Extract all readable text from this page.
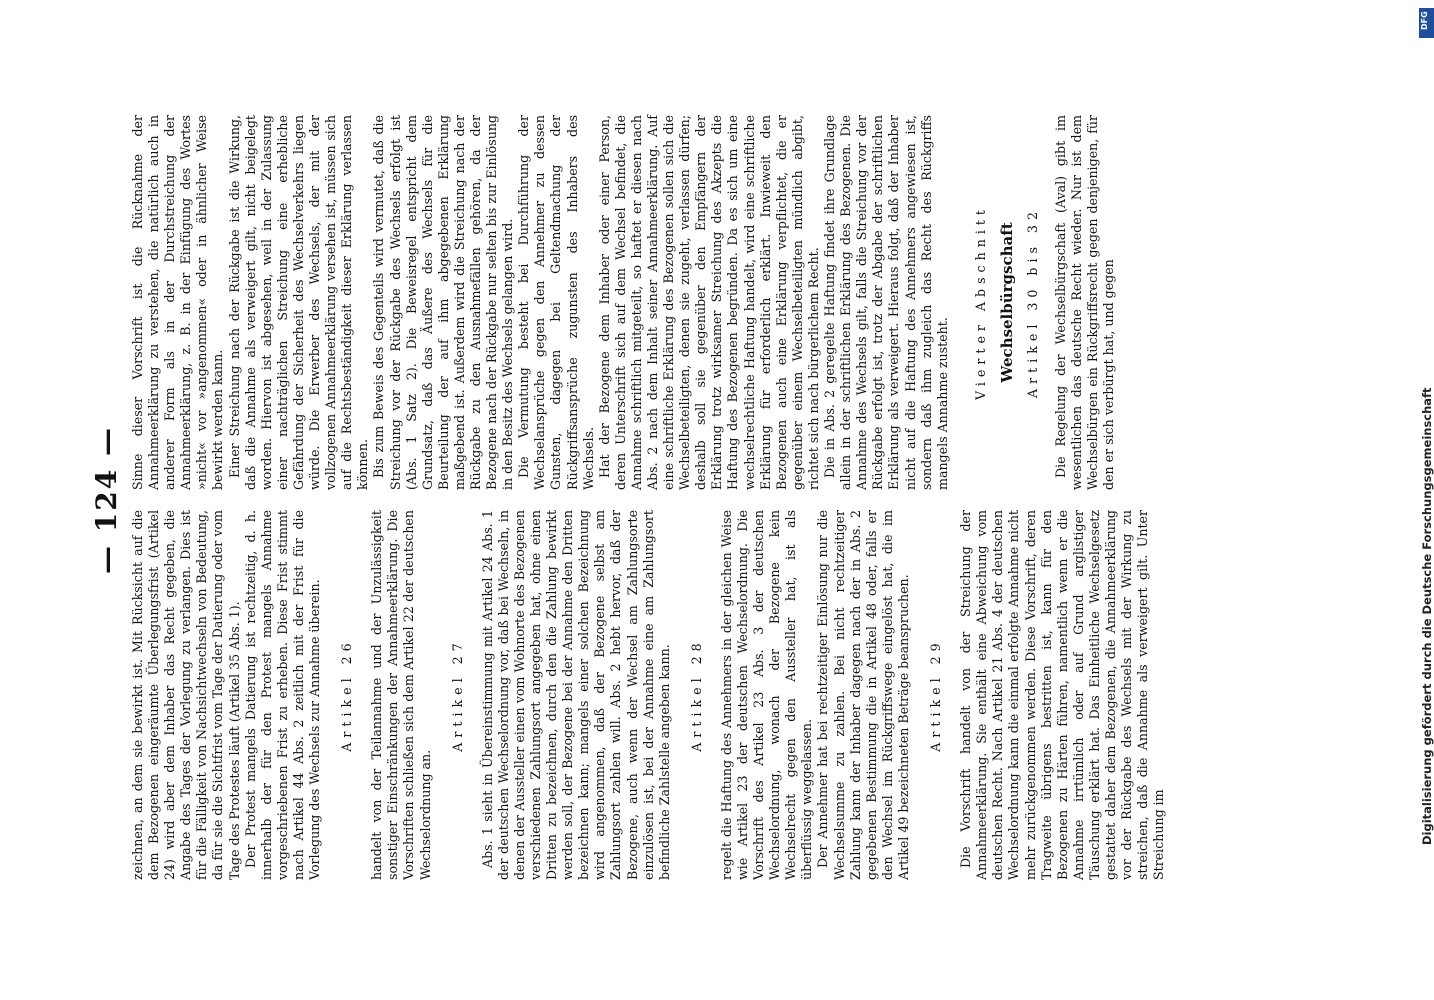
— 124 —

zeichnen, an dem sie bewirkt ist. Mit Rücksicht auf die dem Bezogenen eingeräumte Überlegungsfrist (Artikel 24) wird aber dem Inhaber das Recht gegeben, die Angabe des Tages der Vorlegung zu verlangen. Dies ist für die Fälligkeit von Nachsichtwechseln von Bedeutung, da für sie die Sichtfrist vom Tage der Datierung oder vom Tage des Protestes läuft (Artikel 35 Abs. 1). Der Protest mangels Datierung ist rechtzeitig, d. h. innerhalb der für den Protest mangels Annahme vorgeschriebenen Frist zu erheben. Diese Frist stimmt nach Artikel 44 Abs. 2 zeitlich mit der Frist für die Vorlegung des Wechsels zur Annahme überein. Artikel 26 handelt von der Teilannahme und der Unzulässigkeit sonstiger Einschränkungen der Annahmeerklärung. Die Vorschriften schließen sich dem Artikel 22 der deutschen Wechselordnung an.

Artikel 27 Abs. 1 sieht in Übereinstimmung mit Artikel 24 Abs. 1 der deutschen Wechselordnung vor, daß bei Wechseln, in denen der Aussteller einen vom Wohnorte des Bezogenen verschiedenen Zahlungsort angegeben hat, ohne einen Dritten zu bezeichnen, durch den die Zahlung bewirkt werden soll, der Bezogene bei der Annahme den Dritten bezeichnen kann; mangels einer solchen Bezeichnung wird angenommen, daß der Bezogene selbst am Zahlungsort zahlen will. Abs. 2 hebt hervor, daß der Bezogene, auch wenn der Wechsel am Zahlungsorte einzulösen ist, bei der Annahme eine am Zahlungsort befindliche Zahlstelle angeben kann. Artikel 28 regelt die Haftung des Annehmers in der gleichen Weise wie Artikel 23 der deutschen Wechselordnung. Die Vorschrift des Artikel 23 Abs. 3 der deutschen Wechselordnung, wonach der Bezogene kein Wechselrecht gegen den Aussteller hat, ist als überflüssig weggelassen. Der Annehmer hat bei rechtzeitiger Einlösung nur die Wechselsumme zu zahlen. Bei nicht rechtzeitiger Zahlung kann der Inhaber dagegen nach der in Abs. 2 gegebenen Bestimmung die in Artikel 48 oder, falls er den Wechsel im Rückgriffswege eingelöst hat, die im Artikel 49 bezeichneten Beträge beanspruchen. Artikel 29 Die Vorschrift handelt von der Streichung der Annahmeerklärung. Sie enthält eine Abweichung vom deutschen Recht. Nach Artikel 21 Abs. 4 der deutschen Wechselordnung kann die einmal erfolgte Annahme nicht mehr zurückgenommen werden. Diese Vorschrift, deren Tragweite übrigens bestritten ist, kann für den Bezogenen zu Härten führen, namentlich wenn er die Annahme irrtümlich oder auf Grund arglistiger Täuschung erklärt hat. Das Einheitliche Wechselgesetz gestattet daher dem Bezogenen, die Annahmeerklärung vor der Rückgabe des Wechsels mit der Wirkung zu streichen, daß die Annahme als verweigert gilt. Unter Streichung im

Sinne dieser Vorschrift ist die Rücknahme der Annahmeerklärung zu verstehen, die natürlich auch in anderer Form als in der Durchstreichung der Annahmeerklärung, z. B. in der Einfügung des Wortes »nicht« vor »angenommen« oder in ähnlicher Weise bewirkt werden kann. Einer Streichung nach der Rückgabe ist die Wirkung, daß die Annahme als verweigert gilt, nicht beigelegt worden. Hiervon ist abgesehen, weil in der Zulassung einer nachträglichen Streichung eine erhebliche Gefährdung der Sicherheit des Wechselverkehrs liegen würde. Die Erwerber des Wechsels, der mit der vollzogenen Annahmeerklärung versehen ist, müssen sich auf die Rechtsbeständigkeit dieser Erklärung verlassen können. Bis zum Beweis des Gegenteils wird vermutet, daß die Streichung vor der Rückgabe des Wechsels erfolgt ist (Abs. 1 Satz 2). Die Beweisregel entspricht dem Grundsatz, daß das Äußere des Wechsels für die Beurteilung der auf ihm abgegebenen Erklärung maßgebend ist. Außerdem wird die Streichung nach der Rückgabe zu den Ausnahmefällen gehören, da der Bezogene nach der Rückgabe nur selten bis zur Einlösung in den Besitz des Wechsels gelangen wird. Die Vermutung besteht bei Durchführung der Wechselansprüche gegen den Annehmer zu dessen Gunsten, dagegen bei Geltendmachung der Rückgriffsansprüche zugunsten des Inhabers des Wechsels. Hat der Bezogene dem Inhaber oder einer Person, deren Unterschrift sich auf dem Wechsel befindet, die Annahme schriftlich mitgeteilt, so haftet er diesen nach Abs. 2 nach dem Inhalt seiner Annahmeerklärung. Auf eine schriftliche Erklärung des Bezogenen sollen sich die Wechselbeteiligten, denen sie zugeht, verlassen dürfen; deshalb soll sie gegenüber den Empfängern der Erklärung trotz wirksamer Streichung des Akzepts die Haftung des Bezogenen begründen. Da es sich um eine wechselrechtliche Haftung handelt, wird eine schriftliche Erklärung für erforderlich erklärt. Inwieweit den Bezogenen auch eine Erklärung verpflichtet, die er gegenüber einem Wechselbeteiligten mündlich abgibt, richtet sich nach bürgerlichem Recht. Die in Abs. 2 geregelte Haftung findet ihre Grundlage allein in der schriftlichen Erklärung des Bezogenen. Die Annahme des Wechsels gilt, falls die Streichung vor der Rückgabe erfolgt ist, trotz der Abgabe der schriftlichen Erklärung als verweigert. Hieraus folgt, daß der Inhaber nicht auf die Haftung des Annehmers angewiesen ist, sondern daß ihm zugleich das Recht des Rückgriffs mangels Annahme zusteht.

Vierter Abschnitt Wechselbürgschaft Artikel 30 bis 32 Die Regelung der Wechselbürgschaft (Aval) gibt im wesentlichen das deutsche Recht wieder. Nur ist dem Wechselbürgen ein Rückgriffsrecht gegen denjenigen, für den er sich verbürgt hat, und gegen

DFG
Digitalisierung gefördert durch die Deutsche Forschungsgemeinschaft
